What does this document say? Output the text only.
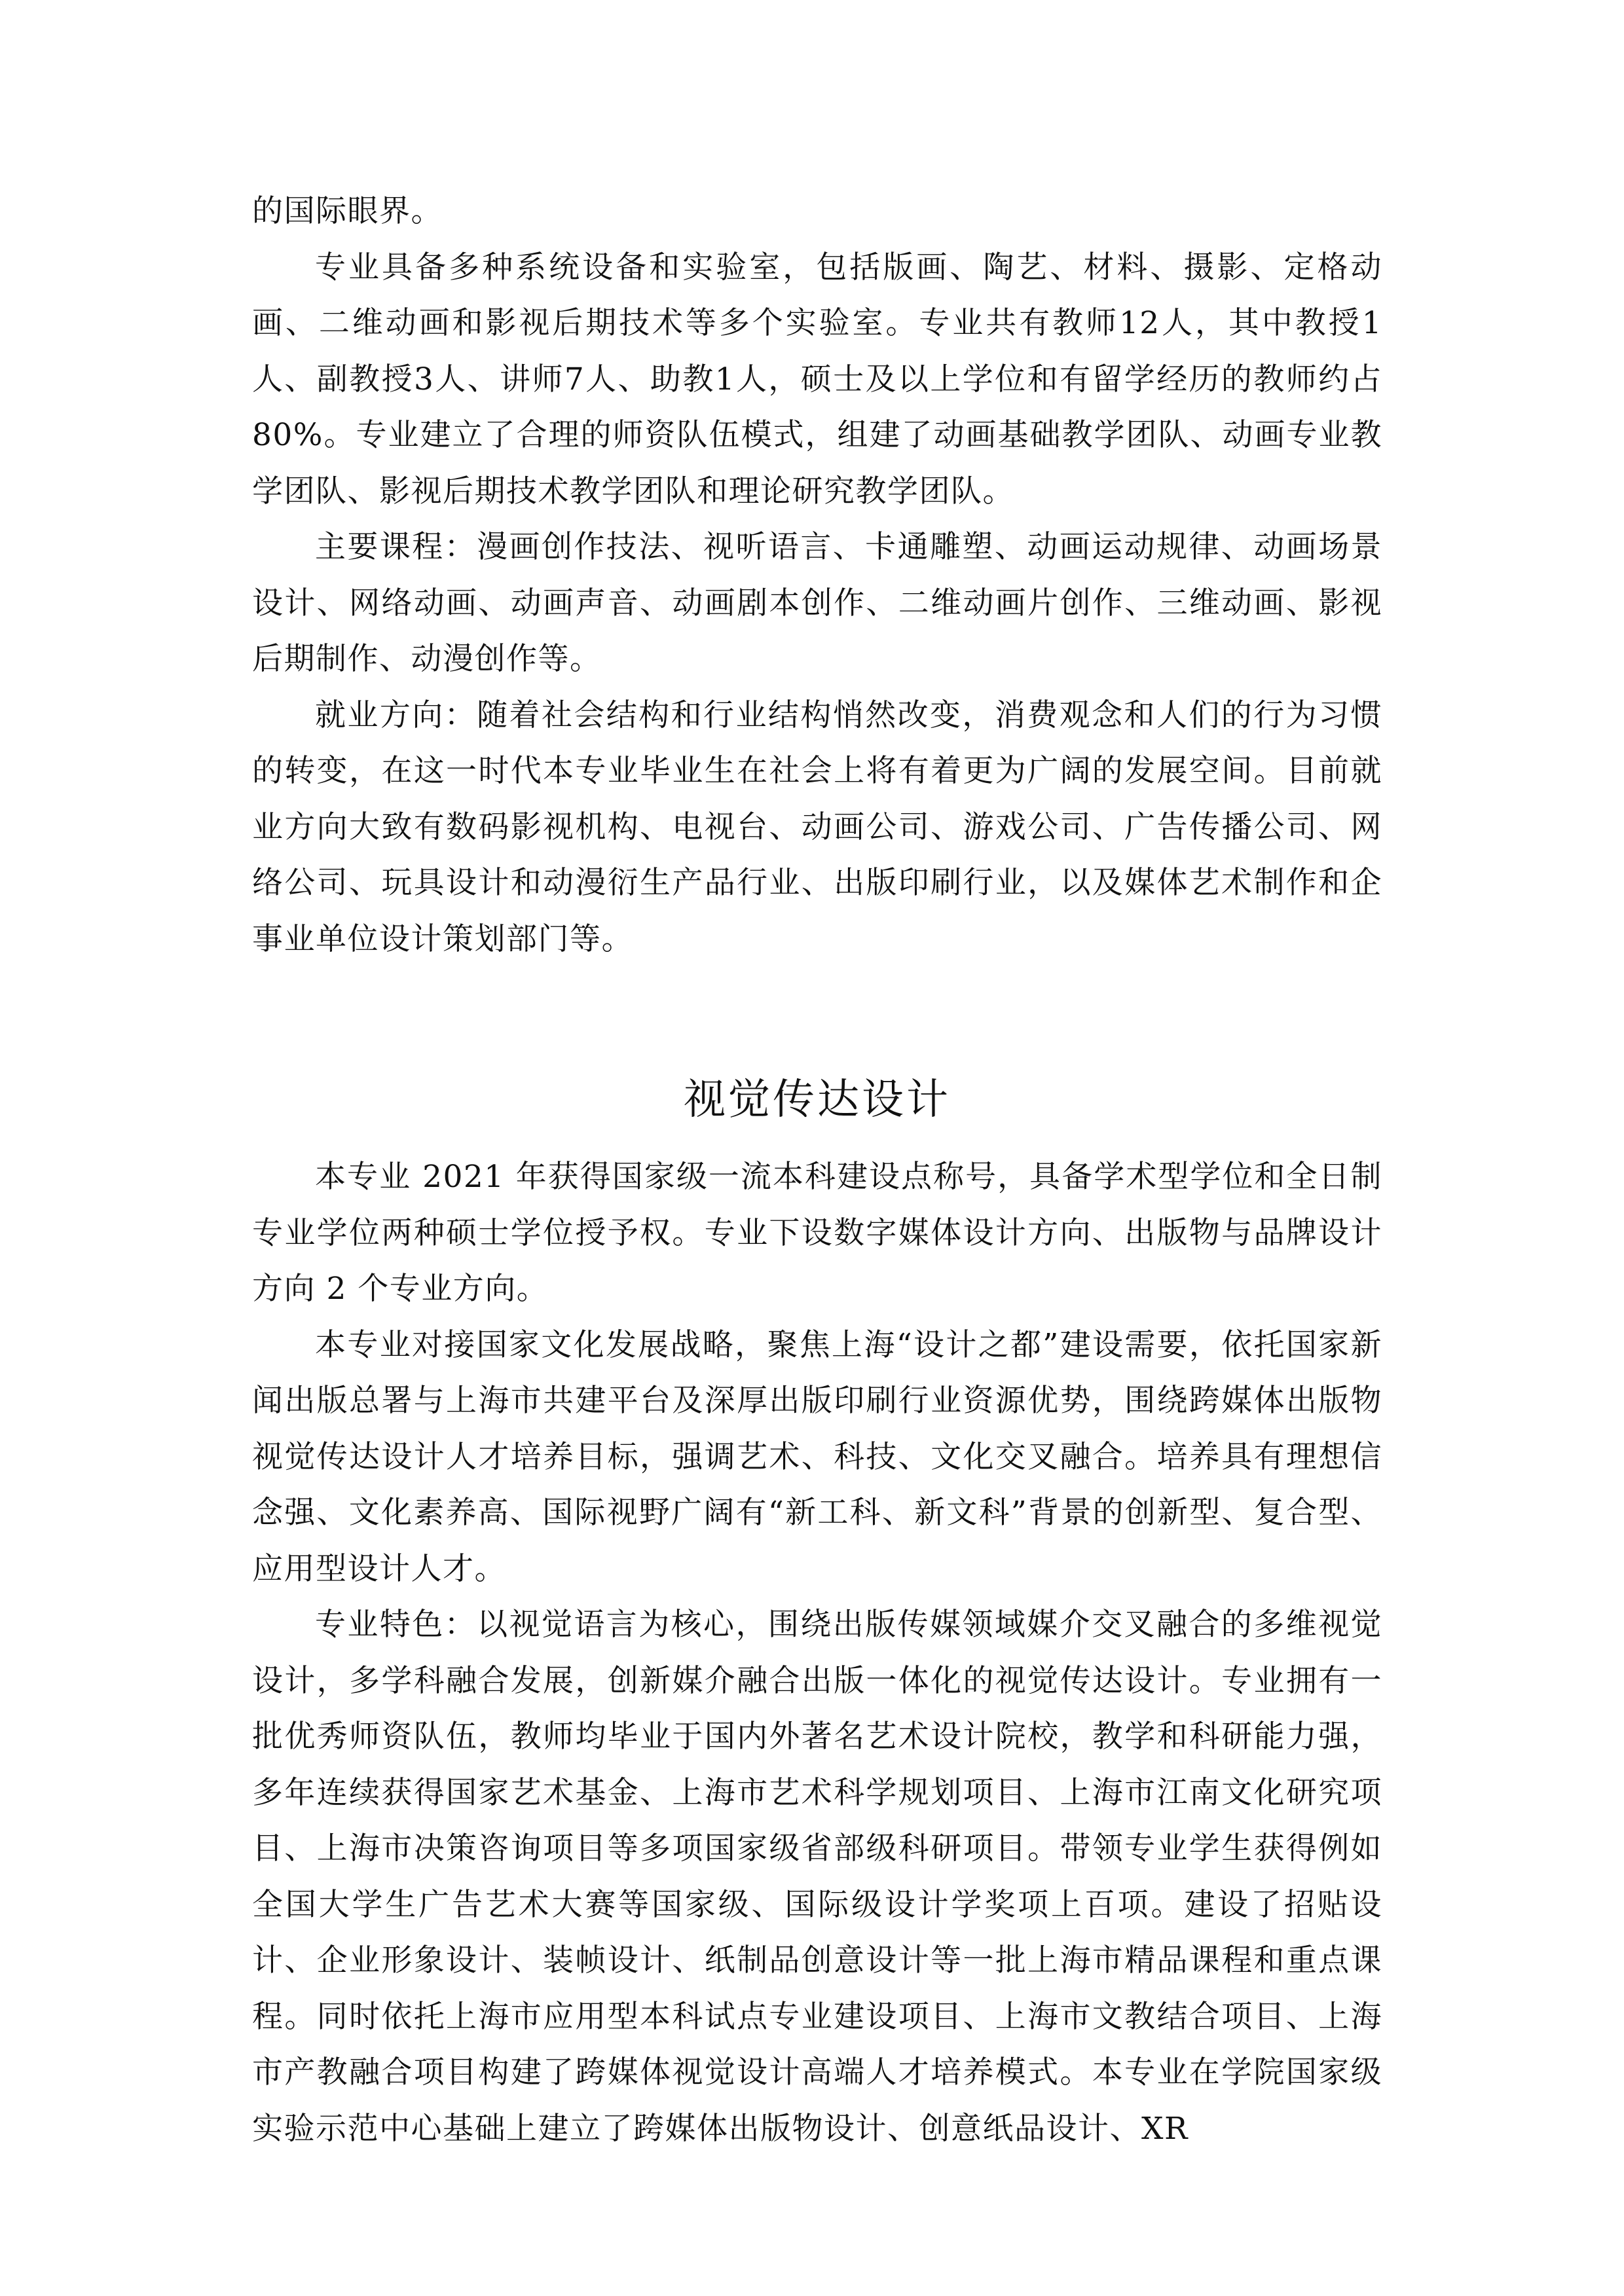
的国际眼界。

专业具备多种系统设备和实验室，包括版画、陶艺、材料、摄影、定格动画、二维动画和影视后期技术等多个实验室。专业共有教师12人，其中教授1人、副教授3人、讲师7人、助教1人，硕士及以上学位和有留学经历的教师约占80%。专业建立了合理的师资队伍模式，组建了动画基础教学团队、动画专业教学团队、影视后期技术教学团队和理论研究教学团队。

主要课程：漫画创作技法、视听语言、卡通雕塑、动画运动规律、动画场景设计、网络动画、动画声音、动画剧本创作、二维动画片创作、三维动画、影视后期制作、动漫创作等。

就业方向：随着社会结构和行业结构悄然改变，消费观念和人们的行为习惯的转变，在这一时代本专业毕业生在社会上将有着更为广阔的发展空间。目前就业方向大致有数码影视机构、电视台、动画公司、游戏公司、广告传播公司、网络公司、玩具设计和动漫衍生产品行业、出版印刷行业，以及媒体艺术制作和企事业单位设计策划部门等。

视觉传达设计

本专业 2021 年获得国家级一流本科建设点称号，具备学术型学位和全日制专业学位两种硕士学位授予权。专业下设数字媒体设计方向、出版物与品牌设计方向 2 个专业方向。

本专业对接国家文化发展战略，聚焦上海“设计之都”建设需要，依托国家新闻出版总署与上海市共建平台及深厚出版印刷行业资源优势，围绕跨媒体出版物视觉传达设计人才培养目标，强调艺术、科技、文化交叉融合。培养具有理想信念强、文化素养高、国际视野广阔有“新工科、新文科”背景的创新型、复合型、应用型设计人才。

专业特色：以视觉语言为核心，围绕出版传媒领域媒介交叉融合的多维视觉设计，多学科融合发展，创新媒介融合出版一体化的视觉传达设计。专业拥有一批优秀师资队伍，教师均毕业于国内外著名艺术设计院校，教学和科研能力强，多年连续获得国家艺术基金、上海市艺术科学规划项目、上海市江南文化研究项目、上海市决策咨询项目等多项国家级省部级科研项目。带领专业学生获得例如全国大学生广告艺术大赛等国家级、国际级设计学奖项上百项。建设了招贴设计、企业形象设计、装帧设计、纸制品创意设计等一批上海市精品课程和重点课程。同时依托上海市应用型本科试点专业建设项目、上海市文教结合项目、上海市产教融合项目构建了跨媒体视觉设计高端人才培养模式。本专业在学院国家级实验示范中心基础上建立了跨媒体出版物设计、创意纸品设计、XR
